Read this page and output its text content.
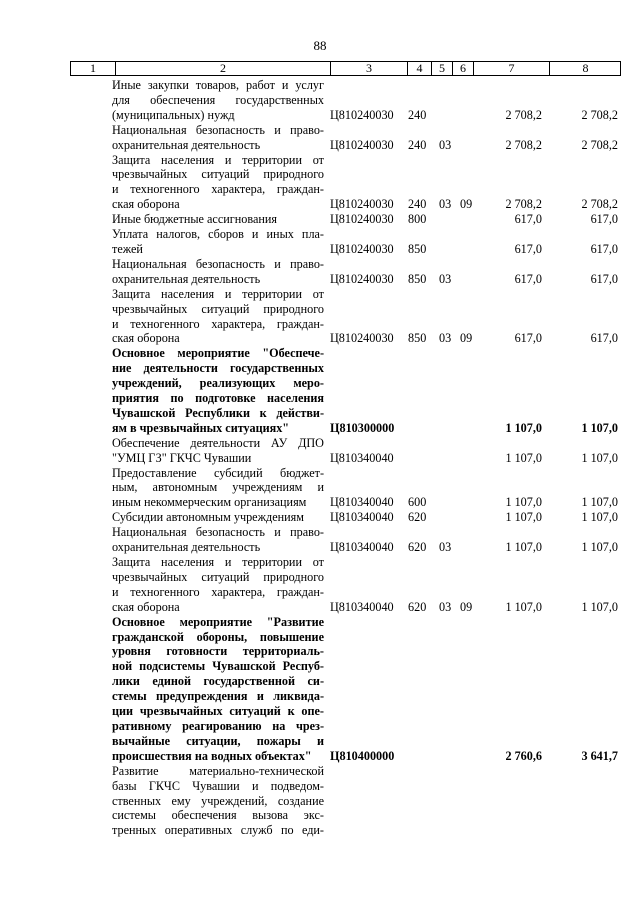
88
1	2	3	4	5	6	7	8
Иные закупки товаров, работ и услуг
для обеспечения государственных
(муниципальных) нужд	Ц810240030 240	2 708,2	2 708,2
Национальная безопасность и право-
охранительная деятельность	Ц810240030 240 03	2 708,2	2 708,2
Защита населения и территории от
чрезвычайных ситуаций природного
и техногенного характера, граждан-
ская оборона	Ц810240030 240 03 09	2 708,2	2 708,2
Иные бюджетные ассигнования	Ц810240030 800	617,0	617,0
Уплата налогов, сборов и иных пла-
тежей	Ц810240030 850	617,0	617,0
Национальная безопасность и право-
охранительная деятельность	Ц810240030 850 03	617,0	617,0
Защита населения и территории от
чрезвычайных ситуаций природного
и техногенного характера, граждан-
ская оборона	Ц810240030 850 03 09	617,0	617,0
Основное мероприятие "Обеспече-
ние деятельности государственных
учреждений, реализующих меро-
приятия по подготовке населения
Чувашской Республики к действи-
ям в чрезвычайных ситуациях"	Ц810300000	1 107,0	1 107,0
Обеспечение деятельности АУ ДПО
"УМЦ ГЗ" ГКЧС Чувашии	Ц810340040	1 107,0	1 107,0
Предоставление субсидий бюджет-
ным, автономным учреждениям и
иным некоммерческим организациям	Ц810340040 600	1 107,0	1 107,0
Субсидии автономным учреждениям	Ц810340040 620	1 107,0	1 107,0
Национальная безопасность и право-
охранительная деятельность	Ц810340040 620 03	1 107,0	1 107,0
Защита населения и территории от
чрезвычайных ситуаций природного
и техногенного характера, граждан-
ская оборона	Ц810340040 620 03 09	1 107,0	1 107,0
Основное мероприятие "Развитие
гражданской обороны, повышение
уровня готовности территориаль-
ной подсистемы Чувашской Респуб-
лики единой государственной си-
стемы предупреждения и ликвида-
ции чрезвычайных ситуаций к опе-
ративному реагированию на чрез-
вычайные ситуации, пожары и
происшествия на водных объектах"	Ц810400000	2 760,6	3 641,7
Развитие материально-технической
базы ГКЧС Чувашии и подведом-
ственных ему учреждений, создание
системы обеспечения вызова экс-
тренных оперативных служб по еди-
